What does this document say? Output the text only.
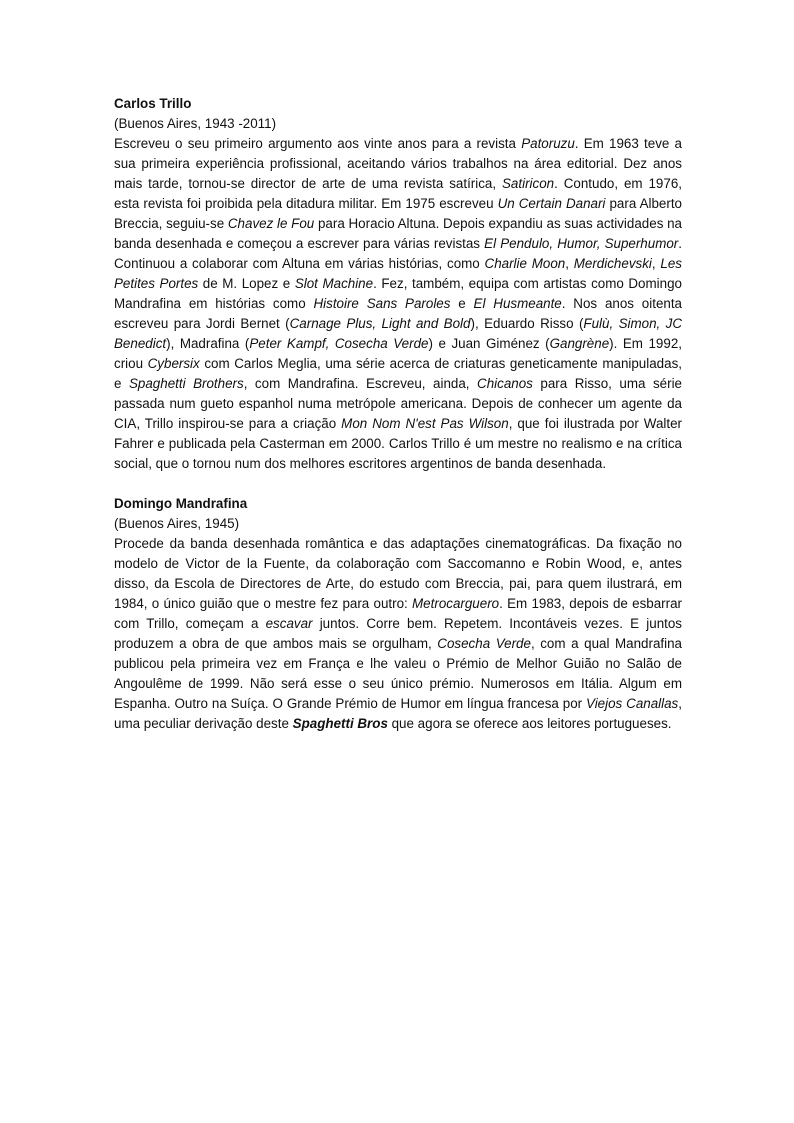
Carlos Trillo
(Buenos Aires, 1943 -2011)

Escreveu o seu primeiro argumento aos vinte anos para a revista Patoruzu. Em 1963 teve a sua primeira experiência profissional, aceitando vários trabalhos na área editorial. Dez anos mais tarde, tornou-se director de arte de uma revista satírica, Satiricon. Contudo, em 1976, esta revista foi proibida pela ditadura militar. Em 1975 escreveu Un Certain Danari para Alberto Breccia, seguiu-se Chavez le Fou para Horacio Altuna. Depois expandiu as suas actividades na banda desenhada e começou a escrever para várias revistas El Pendulo, Humor, Superhumor. Continuou a colaborar com Altuna em várias histórias, como Charlie Moon, Merdichevski, Les Petites Portes de M. Lopez e Slot Machine. Fez, também, equipa com artistas como Domingo Mandrafina em histórias como Histoire Sans Paroles e El Husmeante. Nos anos oitenta escreveu para Jordi Bernet (Carnage Plus, Light and Bold), Eduardo Risso (Fulù, Simon, JC Benedict), Madrafina (Peter Kampf, Cosecha Verde) e Juan Giménez (Gangrène). Em 1992, criou Cybersix com Carlos Meglia, uma série acerca de criaturas geneticamente manipuladas, e Spaghetti Brothers, com Mandrafina. Escreveu, ainda, Chicanos para Risso, uma série passada num gueto espanhol numa metrópole americana. Depois de conhecer um agente da CIA, Trillo inspirou-se para a criação Mon Nom N'est Pas Wilson, que foi ilustrada por Walter Fahrer e publicada pela Casterman em 2000. Carlos Trillo é um mestre no realismo e na crítica social, que o tornou num dos melhores escritores argentinos de banda desenhada.

Domingo Mandrafina
(Buenos Aires, 1945)

Procede da banda desenhada romântica e das adaptações cinematográficas. Da fixação no modelo de Victor de la Fuente, da colaboração com Saccomanno e Robin Wood, e, antes disso, da Escola de Directores de Arte, do estudo com Breccia, pai, para quem ilustrará, em 1984, o único guião que o mestre fez para outro: Metrocarguero. Em 1983, depois de esbarrar com Trillo, começam a escavar juntos. Corre bem. Repetem. Incontáveis vezes. E juntos produzem a obra de que ambos mais se orgulham, Cosecha Verde, com a qual Mandrafina publicou pela primeira vez em França e lhe valeu o Prémio de Melhor Guião no Salão de Angoulême de 1999. Não será esse o seu único prémio. Numerosos em Itália. Algum em Espanha. Outro na Suíça. O Grande Prémio de Humor em língua francesa por Viejos Canallas, uma peculiar derivação deste Spaghetti Bros que agora se oferece aos leitores portugueses.
